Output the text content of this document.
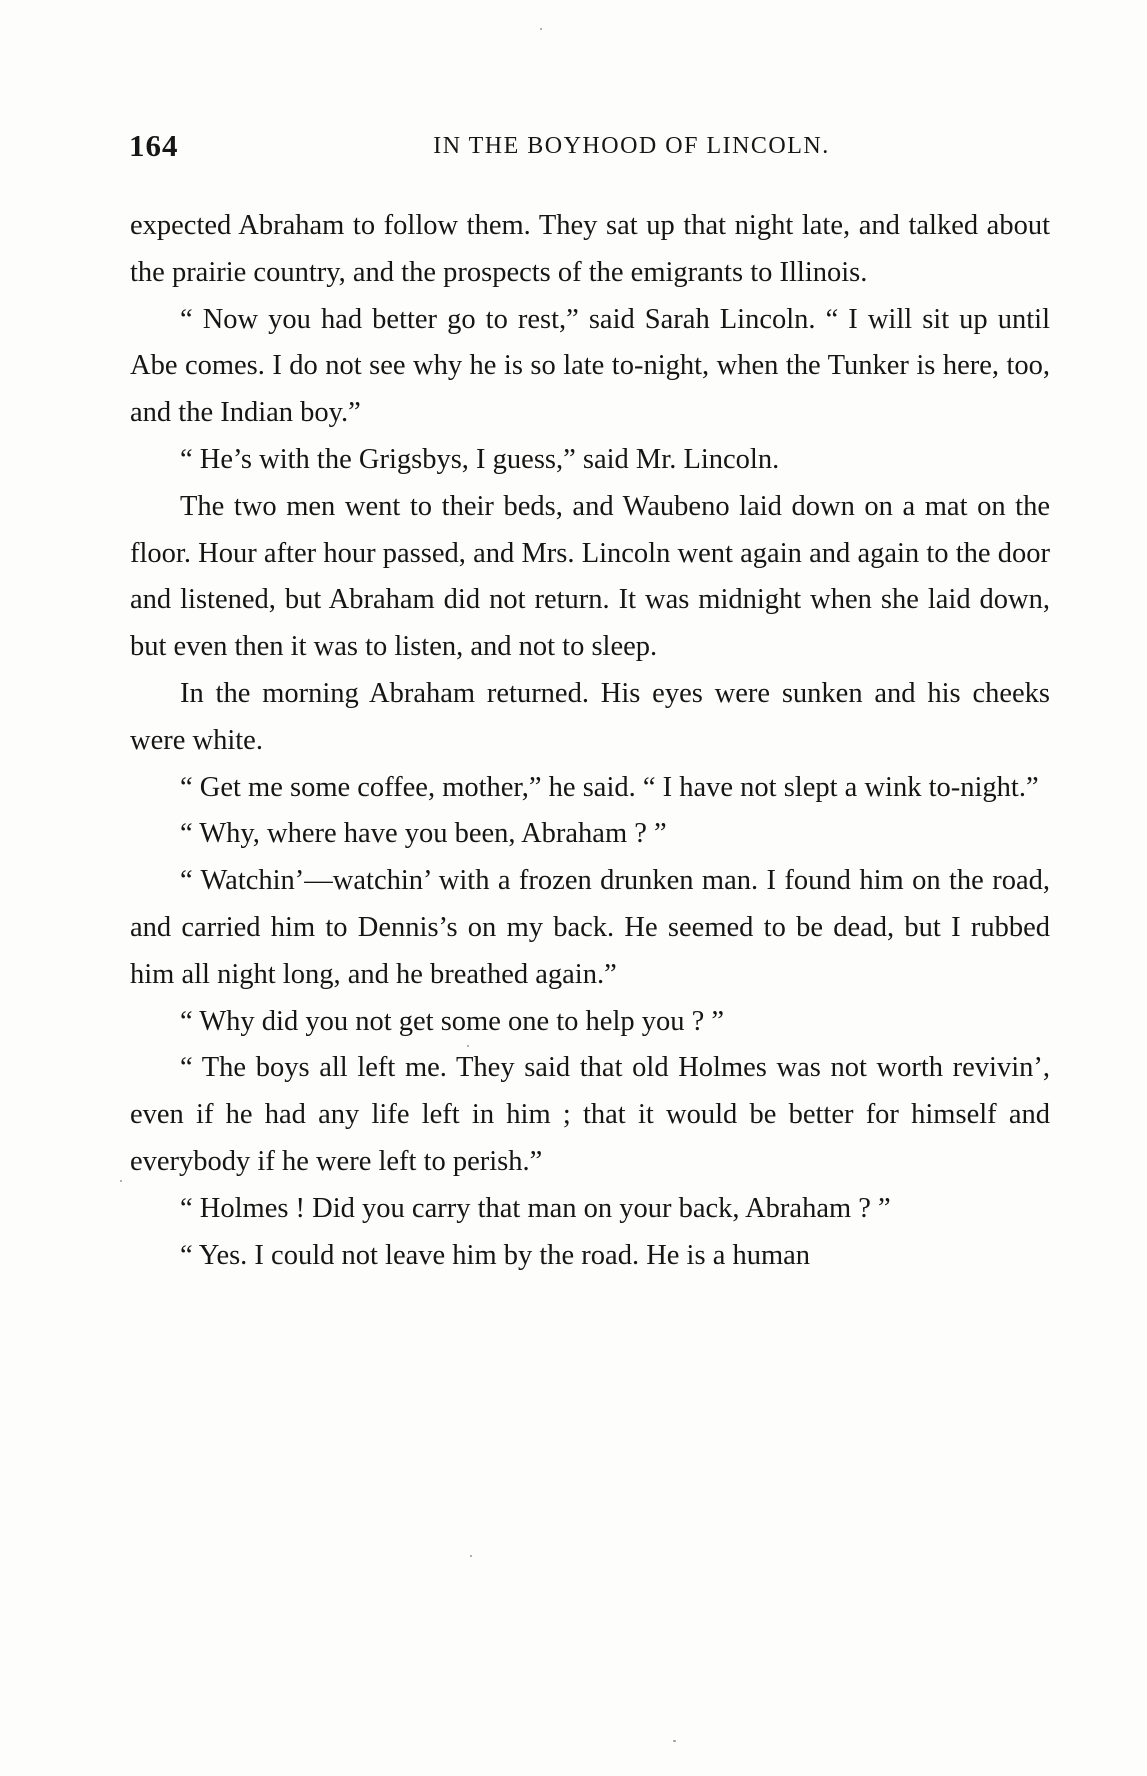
164	IN THE BOYHOOD OF LINCOLN.

expected Abraham to follow them. They sat up that night late, and talked about the prairie country, and the prospects of the emigrants to Illinois.

“ Now you had better go to rest,” said Sarah Lincoln. “ I will sit up until Abe comes. I do not see why he is so late to-night, when the Tunker is here, too, and the Indian boy.”

“ He’s with the Grigsbys, I guess,” said Mr. Lincoln.

The two men went to their beds, and Waubeno laid down on a mat on the floor. Hour after hour passed, and Mrs. Lincoln went again and again to the door and listened, but Abraham did not return. It was midnight when she laid down, but even then it was to listen, and not to sleep.

In the morning Abraham returned. His eyes were sunken and his cheeks were white.

“ Get me some coffee, mother,” he said. “ I have not slept a wink to-night.”

“ Why, where have you been, Abraham ? ”

“ Watchin’—watchin’ with a frozen drunken man. I found him on the road, and carried him to Dennis’s on my back. He seemed to be dead, but I rubbed him all night long, and he breathed again.”

“ Why did you not get some one to help you ? ”

“ The boys all left me. They said that old Holmes was not worth revivin’, even if he had any life left in him ; that it would be better for himself and everybody if he were left to perish.”

“ Holmes ! Did you carry that man on your back, Abraham ? ”

“ Yes. I could not leave him by the road. He is a human
